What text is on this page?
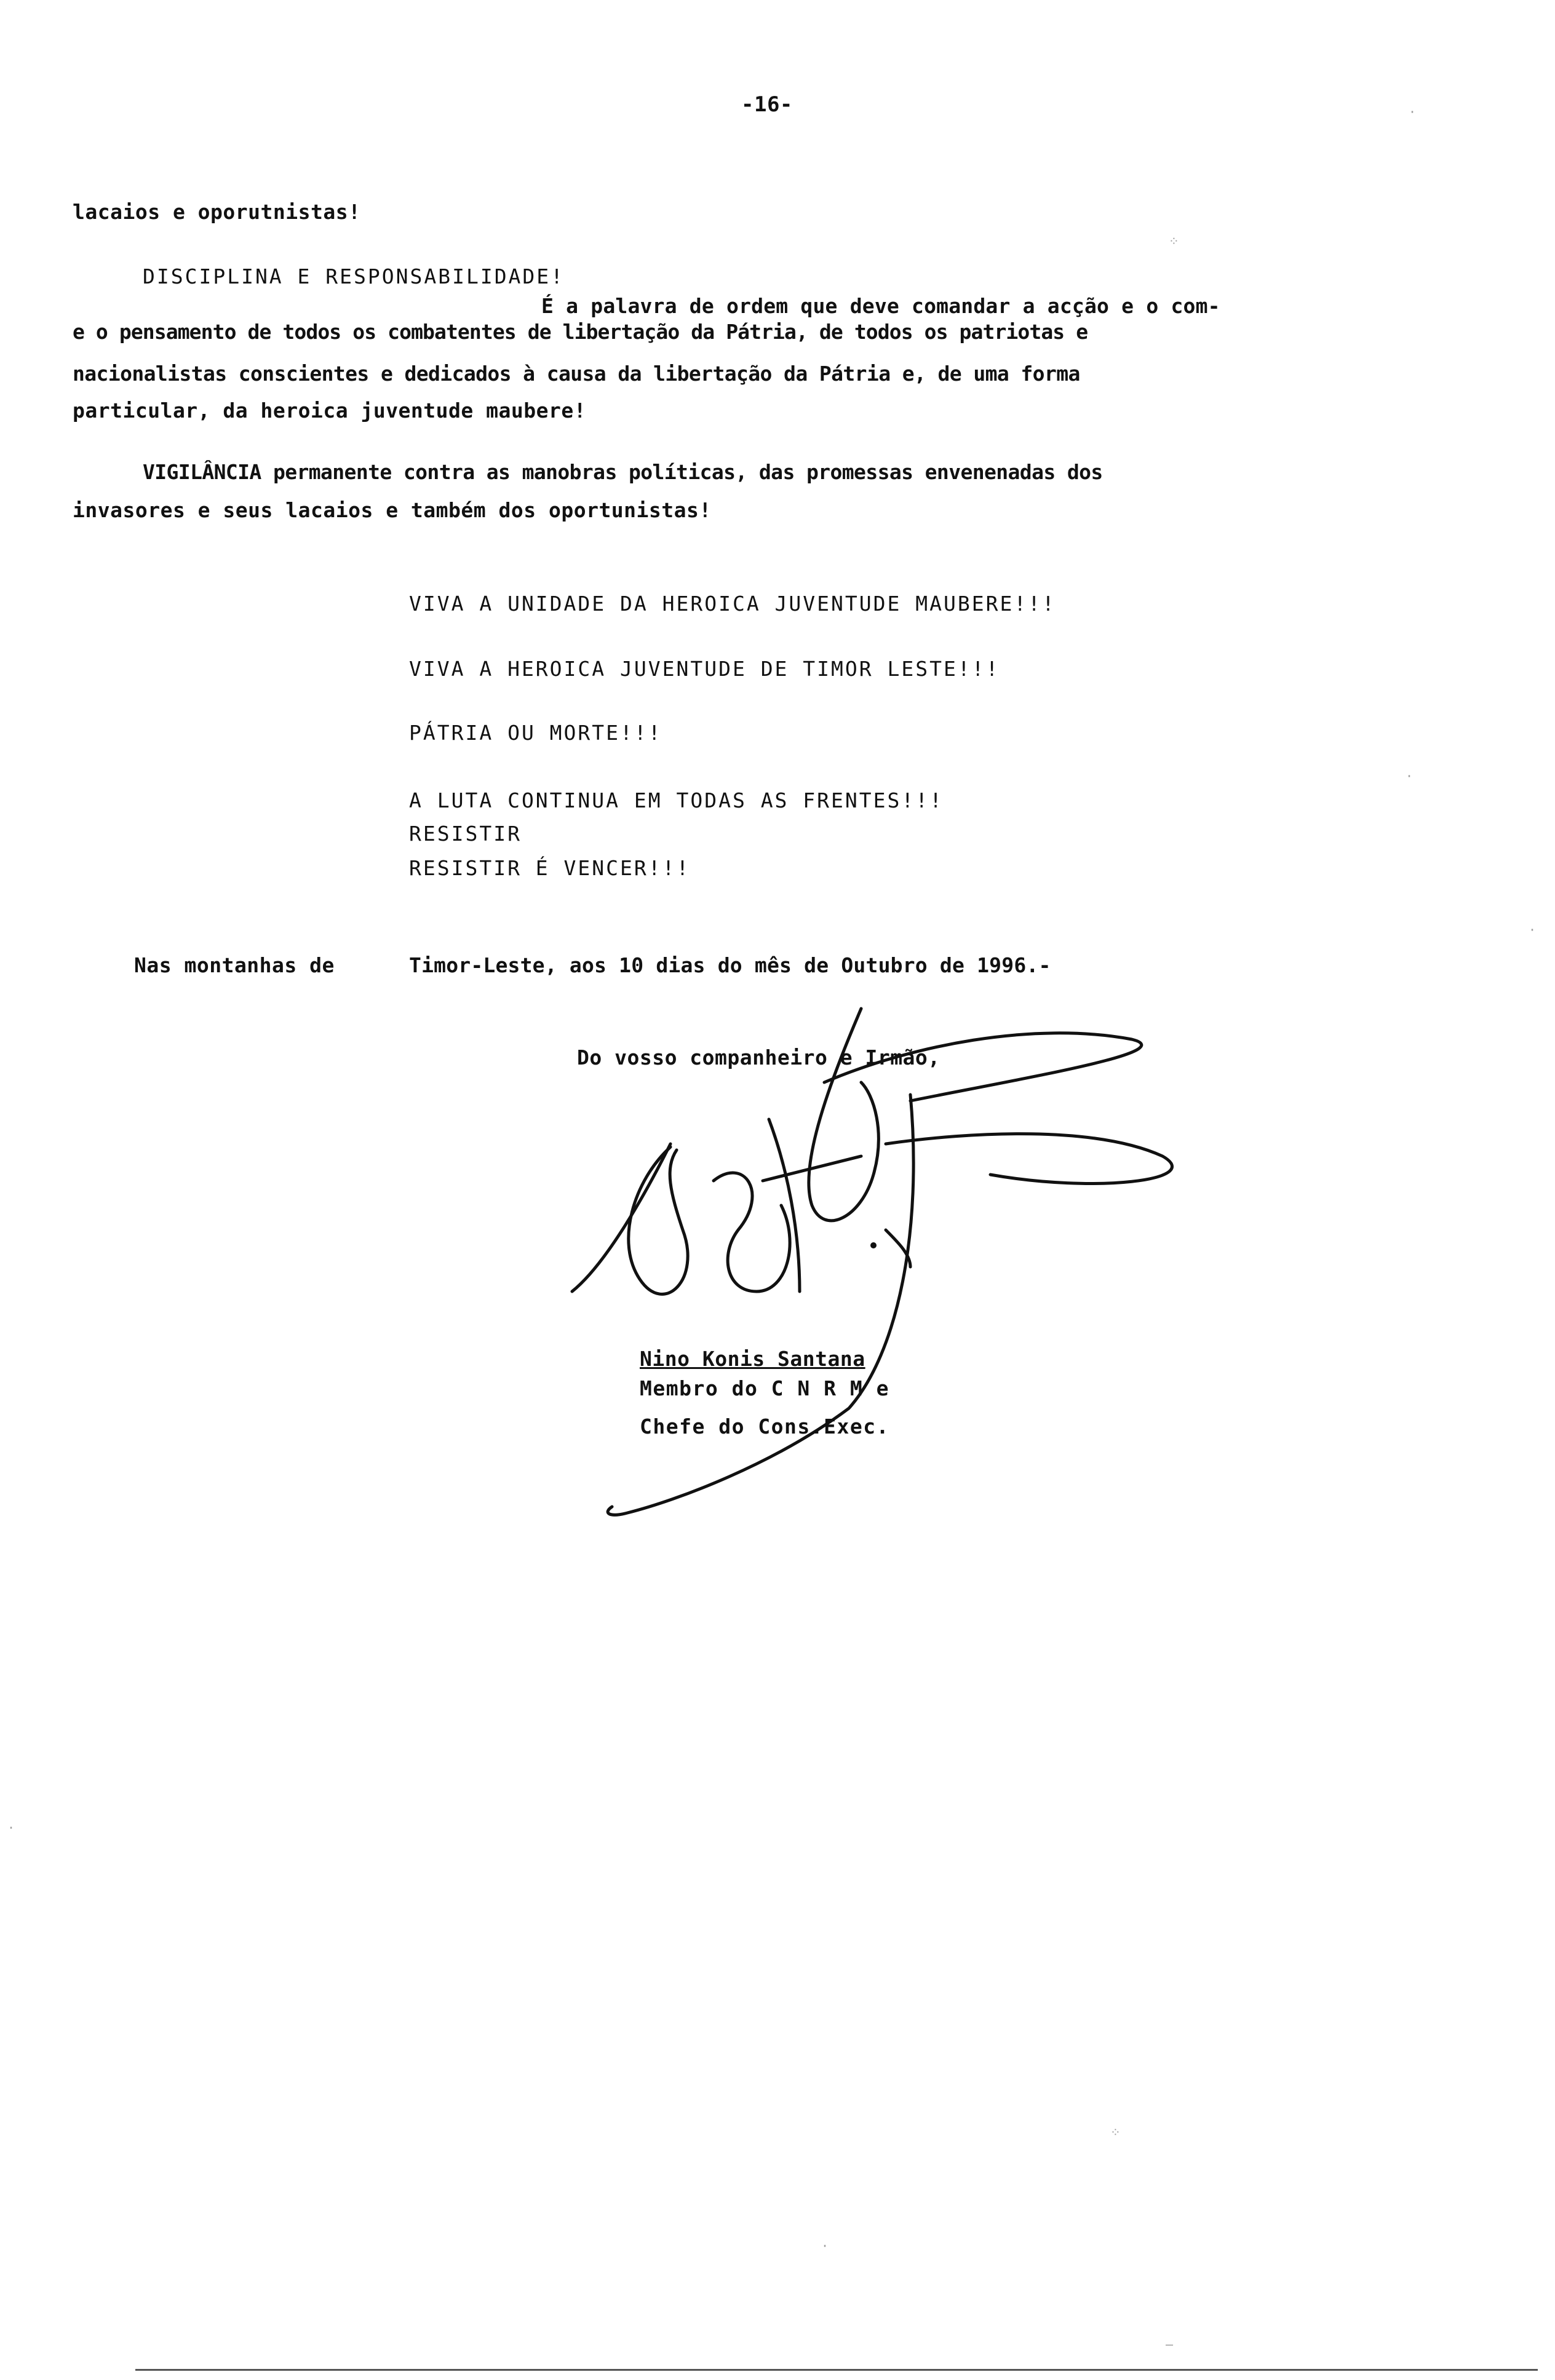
-16-
lacaios e oporutnistas!
DISCIPLINA E RESPONSABILIDADE!
É a palavra de ordem que deve comandar a acção e o com-
e o pensamento de todos os combatentes de libertação da Pátria, de todos os patriotas e
nacionalistas conscientes e dedicados à causa da libertação da Pátria e, de uma forma
particular, da heroica juventude maubere!
VIGILÂNCIA permanente contra as manobras políticas, das promessas envenenadas dos
invasores e seus lacaios e também dos oportunistas!
VIVA A UNIDADE DA HEROICA JUVENTUDE MAUBERE!!!
VIVA A HEROICA JUVENTUDE DE TIMOR LESTE!!!
PÁTRIA OU MORTE!!!
A LUTA CONTINUA EM TODAS AS FRENTES!!!
RESISTIR
RESISTIR É VENCER!!!
Nas montanhas de	Timor-Leste, aos 10 dias do mês de Outubro de 1996.-
Do vosso companheiro e Irmão,
Nino Konis Santana
Membro do C N R M e
Chefe do Cons.Exec.
·
⁘
·
·
·
⁘
·
—
